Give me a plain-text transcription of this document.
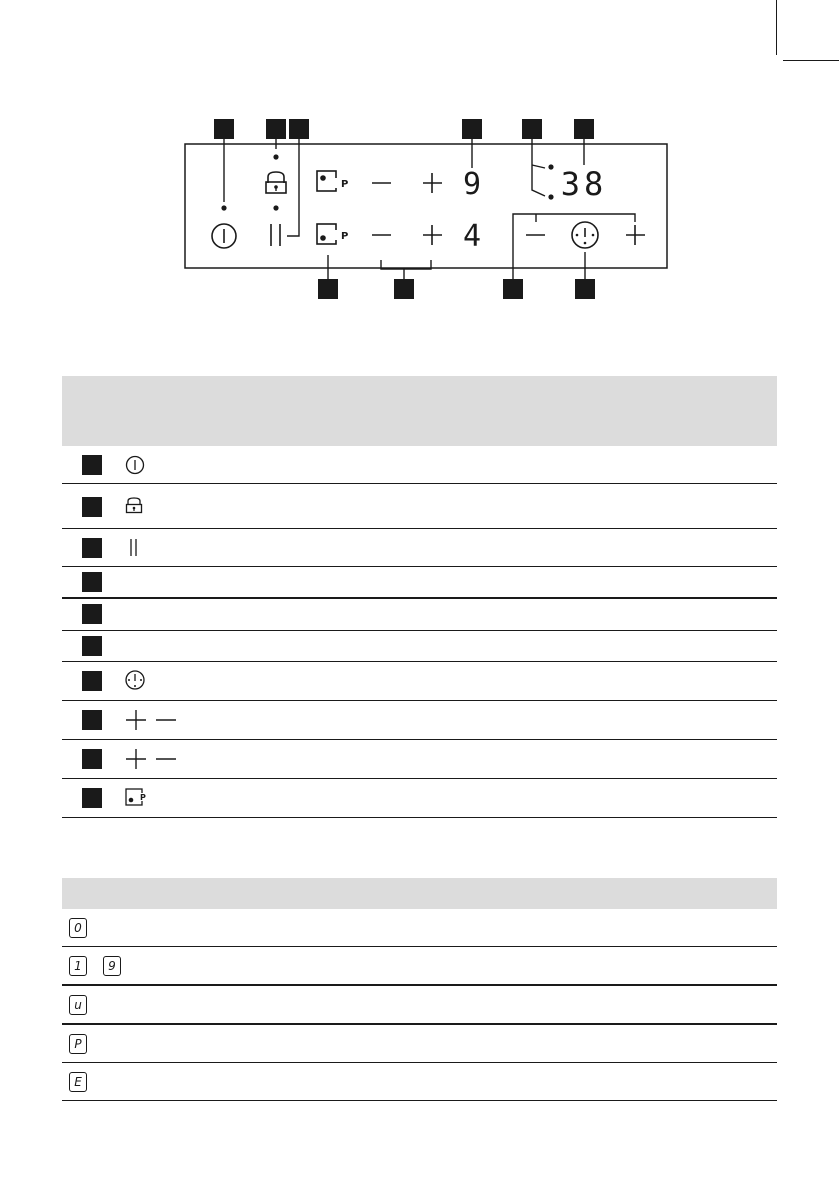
P
P
9
4
38
P
0
1	9
u
P
E
